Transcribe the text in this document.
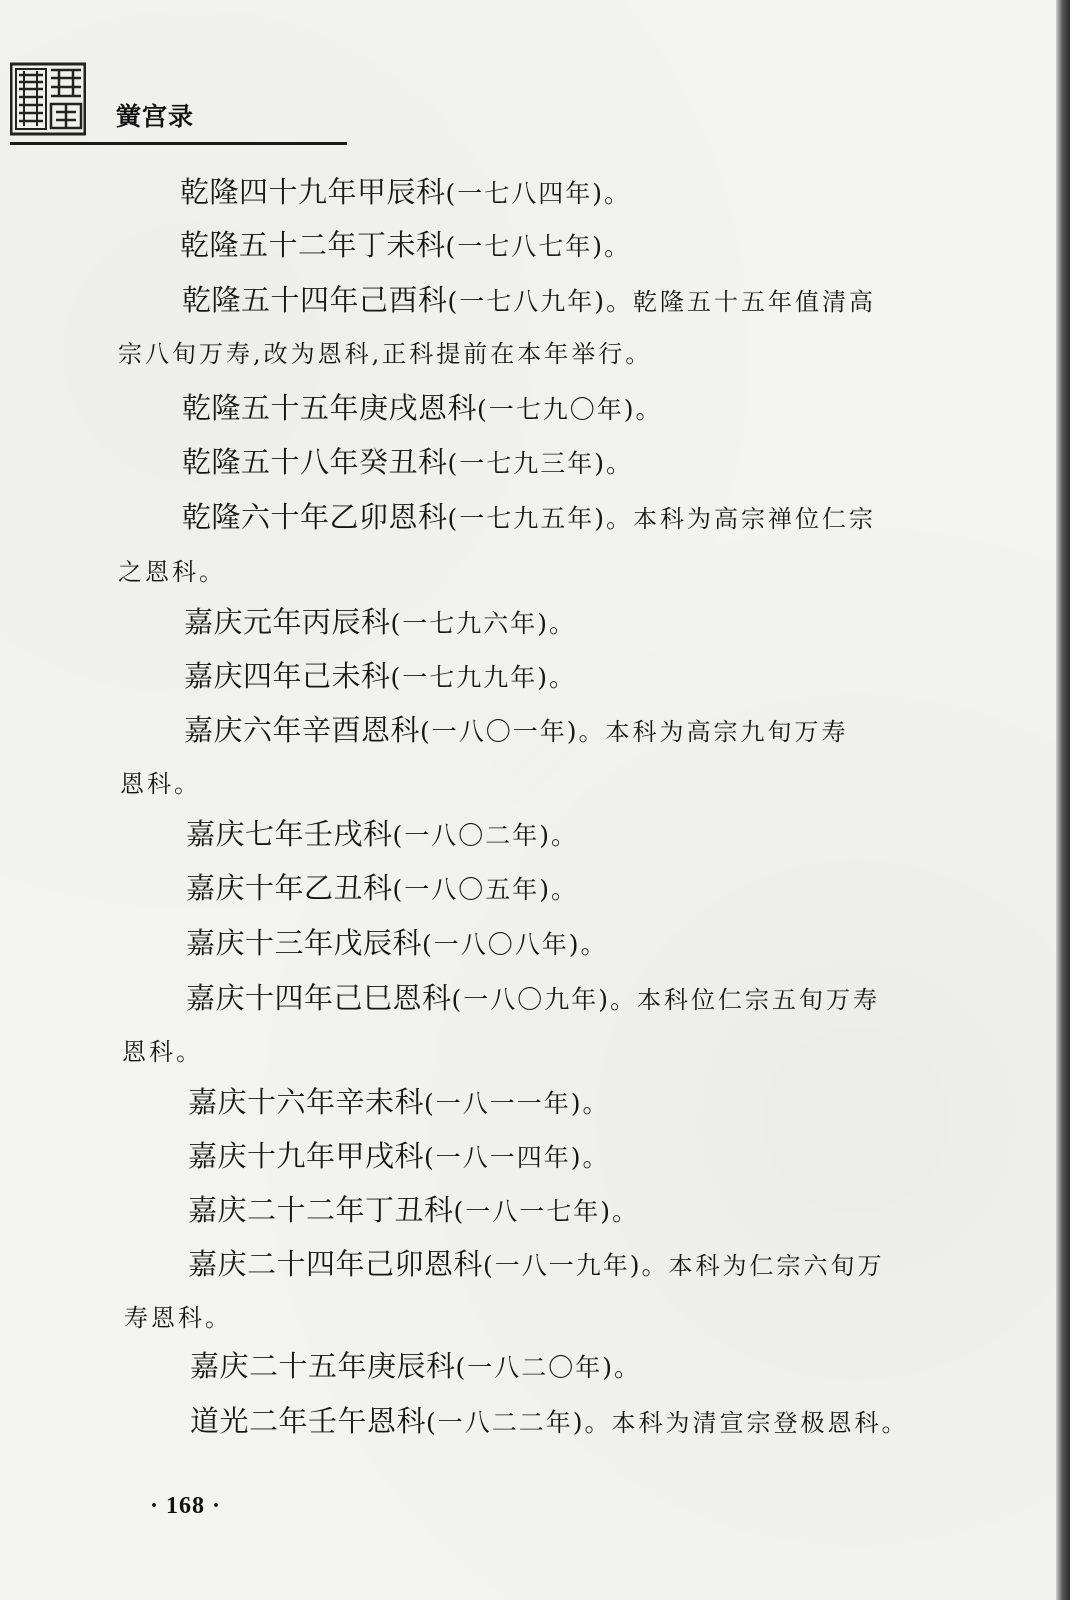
黉宫录
乾隆四十九年甲辰科(一七八四年)。
乾隆五十二年丁未科(一七八七年)。
乾隆五十四年己酉科(一七八九年)。乾隆五十五年值清高
宗八旬万寿,改为恩科,正科提前在本年举行。
乾隆五十五年庚戌恩科(一七九〇年)。
乾隆五十八年癸丑科(一七九三年)。
乾隆六十年乙卯恩科(一七九五年)。本科为高宗禅位仁宗
之恩科。
嘉庆元年丙辰科(一七九六年)。
嘉庆四年己未科(一七九九年)。
嘉庆六年辛酉恩科(一八〇一年)。本科为高宗九旬万寿
恩科。
嘉庆七年壬戌科(一八〇二年)。
嘉庆十年乙丑科(一八〇五年)。
嘉庆十三年戊辰科(一八〇八年)。
嘉庆十四年己巳恩科(一八〇九年)。本科位仁宗五旬万寿
恩科。
嘉庆十六年辛未科(一八一一年)。
嘉庆十九年甲戌科(一八一四年)。
嘉庆二十二年丁丑科(一八一七年)。
嘉庆二十四年己卯恩科(一八一九年)。本科为仁宗六旬万
寿恩科。
嘉庆二十五年庚辰科(一八二〇年)。
道光二年壬午恩科(一八二二年)。本科为清宣宗登极恩科。
· 168 ·
